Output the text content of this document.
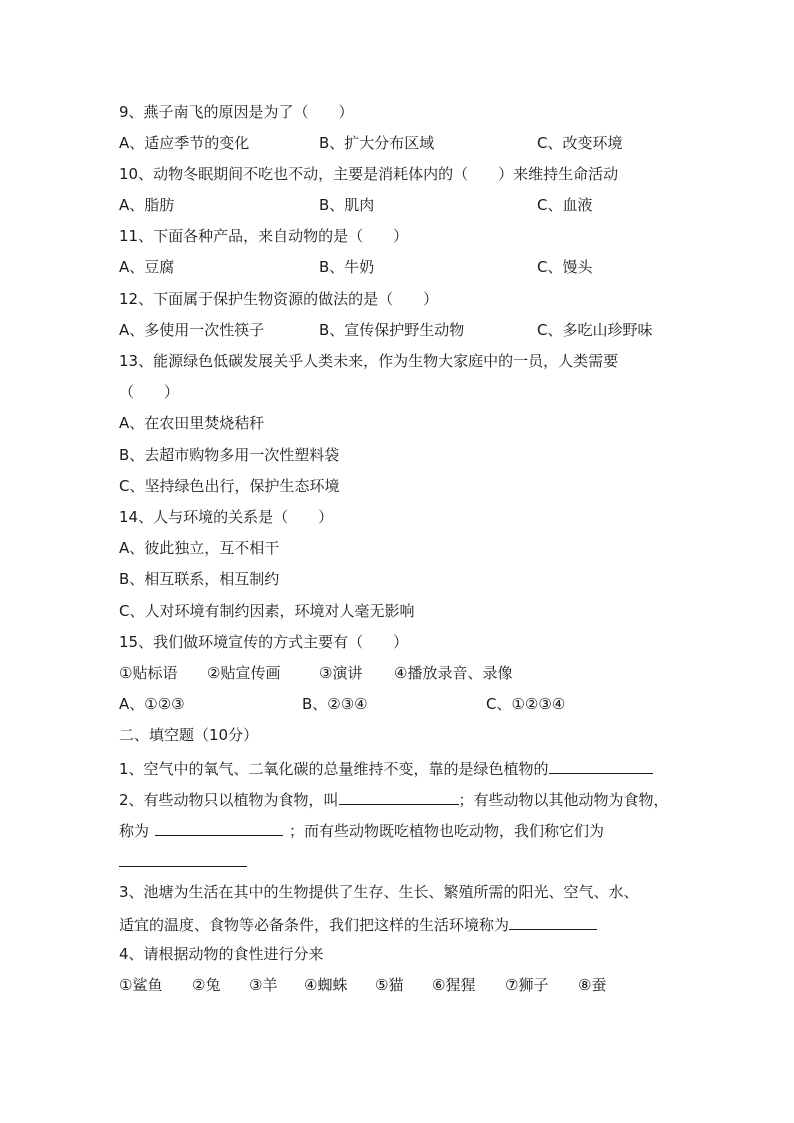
9、燕子南飞的原因是为了（　　）
A、适应季节的变化	B、扩大分布区域	C、改变环境
10、动物冬眠期间不吃也不动，主要是消耗体内的（　　）来维持生命活动
A、脂肪	B、肌肉	C、血液
11、下面各种产品，来自动物的是（　　）
A、豆腐	B、牛奶	C、馒头
12、下面属于保护生物资源的做法的是（　　）
A、多使用一次性筷子	B、宣传保护野生动物	C、多吃山珍野味
13、能源绿色低碳发展关乎人类未来，作为生物大家庭中的一员，人类需要
（　　）
A、在农田里焚烧秸秆
B、去超市购物多用一次性塑料袋
C、坚持绿色出行，保护生态环境
14、人与环境的关系是（　　）
A、彼此独立，互不相干
B、相互联系，相互制约
C、人对环境有制约因素，环境对人毫无影响
15、我们做环境宣传的方式主要有（　　）
①贴标语 ②贴宣传画	③演讲 ④播放录音、录像
A、①②③	B、②③④	C、①②③④
二、填空题（10分）
1、空气中的氧气、二氧化碳的总量维持不变，靠的是绿色植物的
2、有些动物只以植物为食物，叫	；有些动物以其他动物为食物，
称为	；而有些动物既吃植物也吃动物，我们称它们为
3、池塘为生活在其中的生物提供了生存、生长、繁殖所需的阳光、空气、水、
适宜的温度、食物等必备条件，我们把这样的生活环境称为
4、请根据动物的食性进行分来
①鲨鱼 ②兔 ③羊 ④蜘蛛 ⑤猫 ⑥猩猩 ⑦狮子 ⑧蚕
